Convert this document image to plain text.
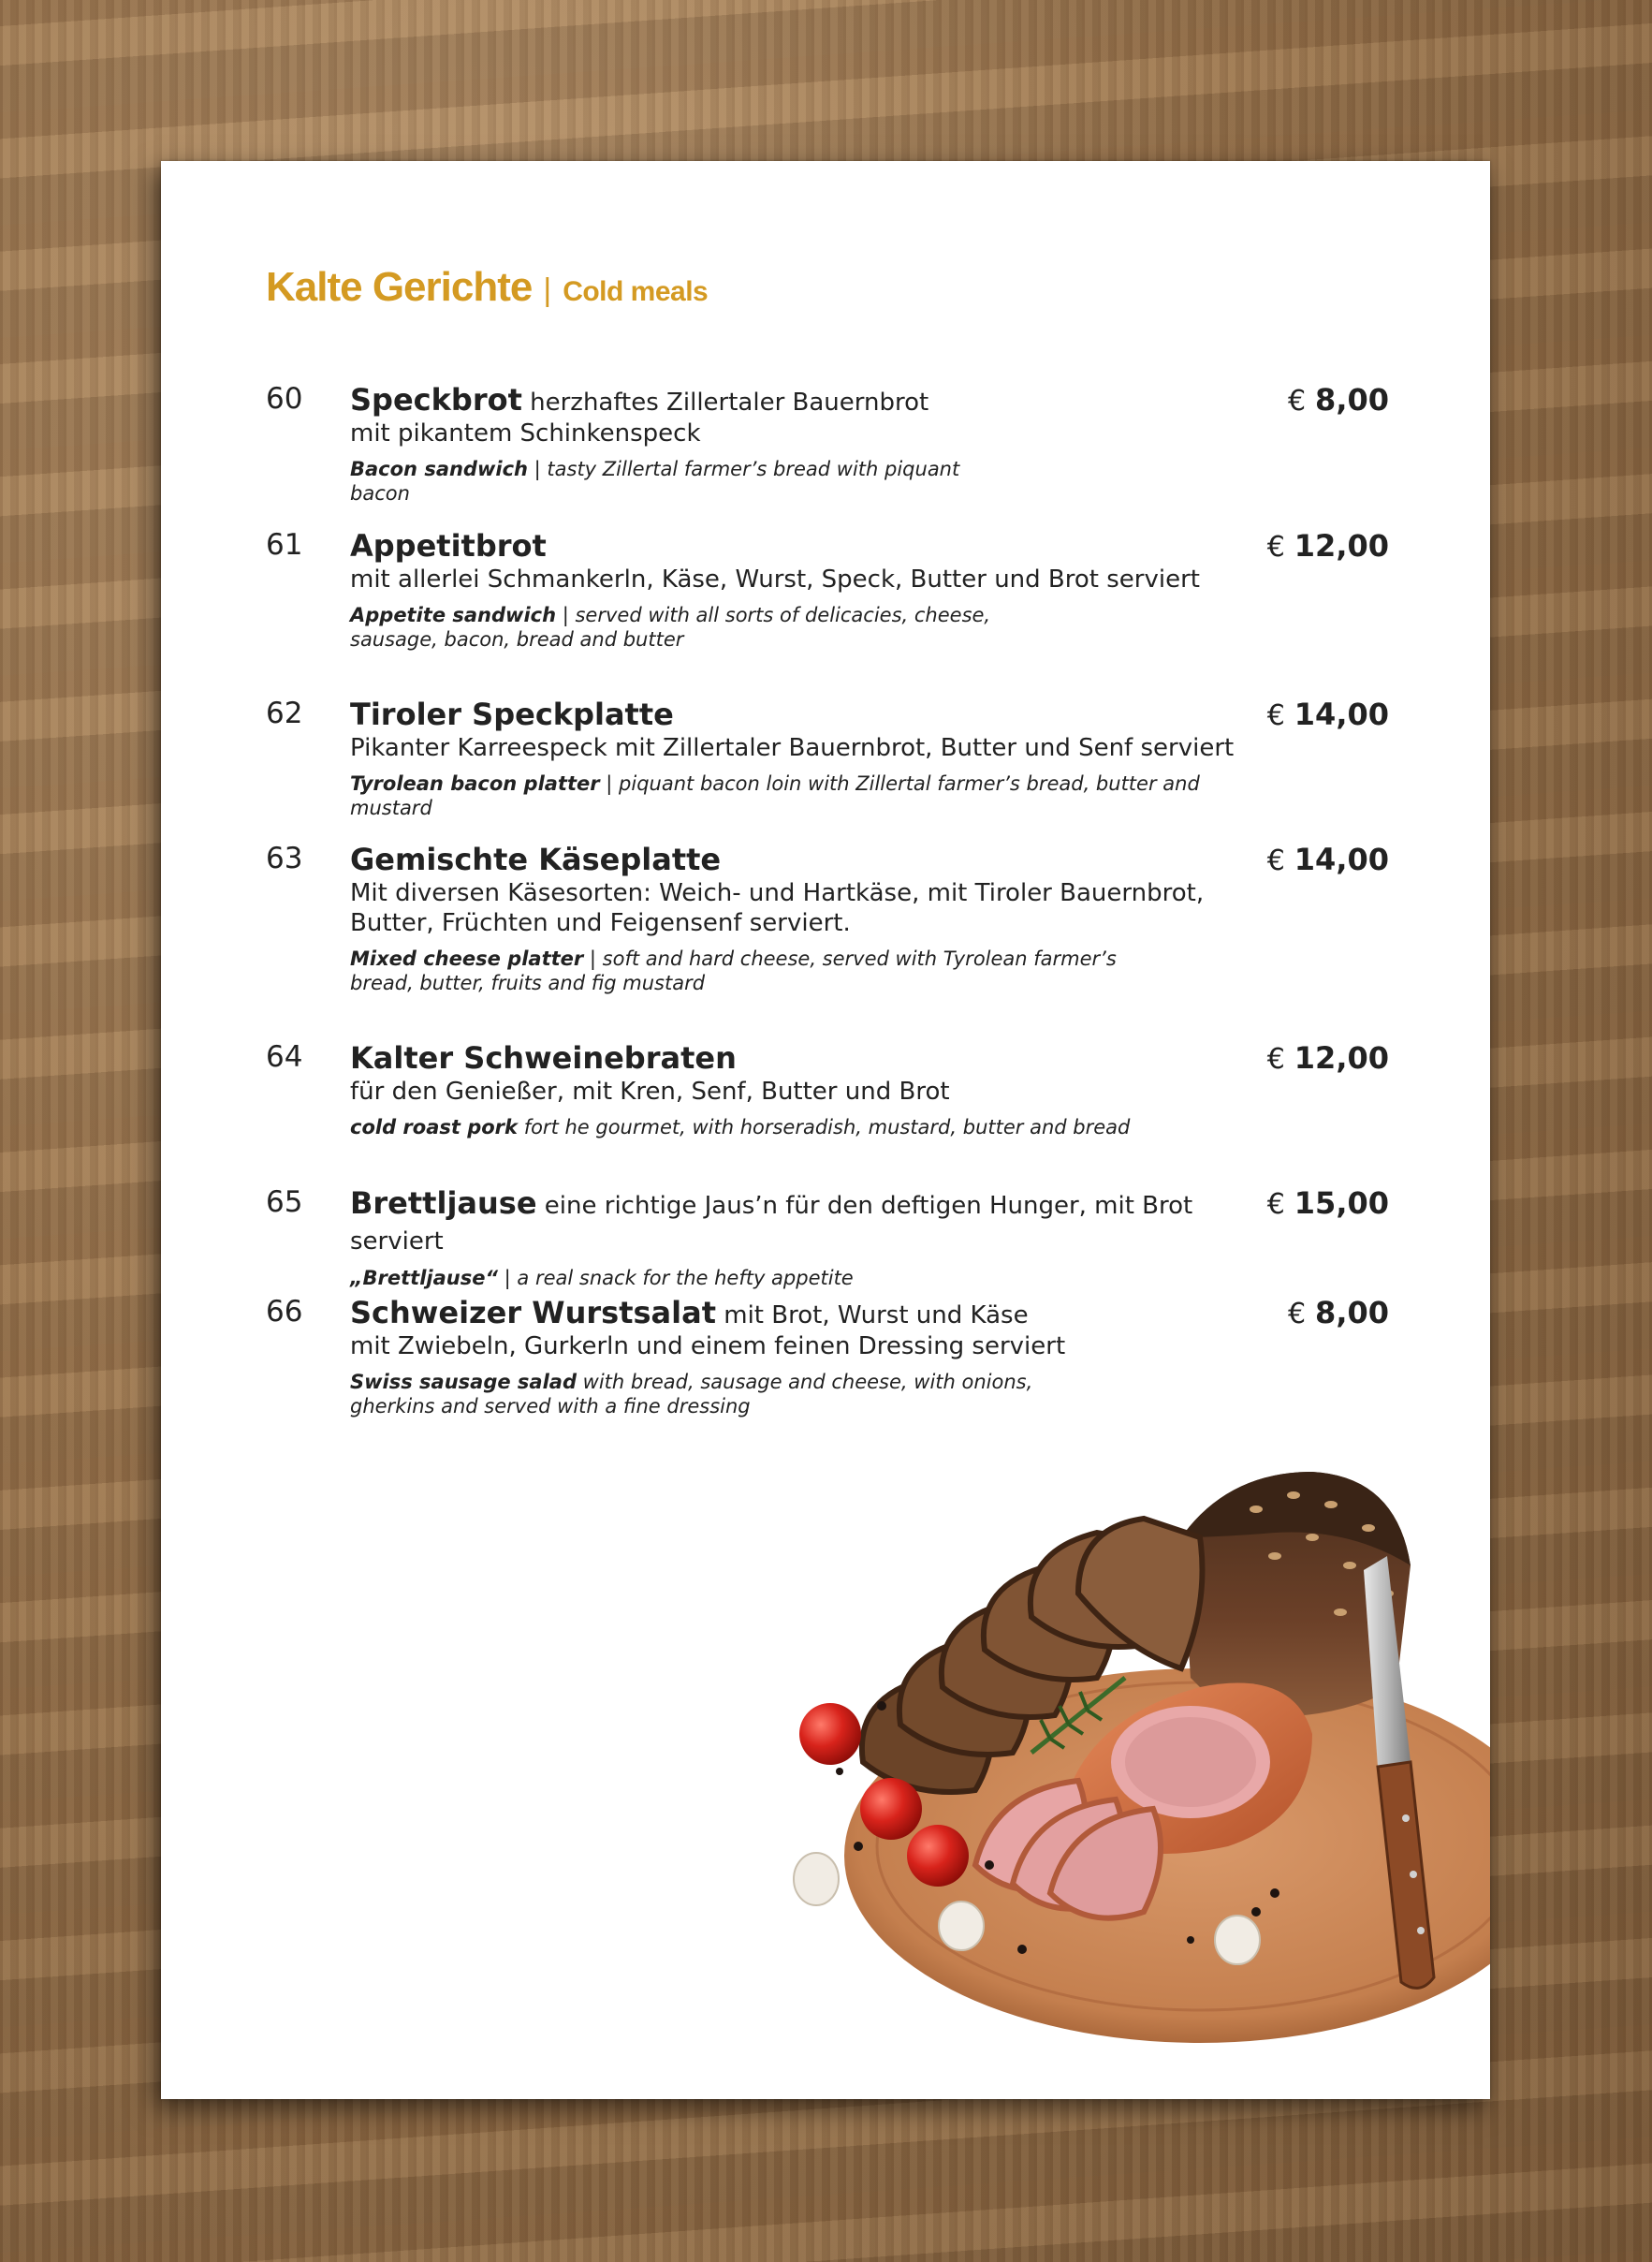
Kalte Gerichte | Cold meals
60 Speckbrot herzhaftes Zillertaler Bauernbrot
mit pikantem Schinkenspeck
Bacon sandwich | tasty Zillertal farmer’s bread with piquant bacon
€ 8,00
61 Appetitbrot
mit allerlei Schmankerln, Käse, Wurst, Speck, Butter und Brot serviert
Appetite sandwich | served with all sorts of delicacies, cheese, sausage, bacon, bread and butter
€ 12,00
62 Tiroler Speckplatte
Pikanter Karreespeck mit Zillertaler Bauernbrot, Butter und Senf serviert
Tyrolean bacon platter | piquant bacon loin with Zillertal farmer’s bread, butter and mustard
€ 14,00
63 Gemischte Käseplatte
Mit diversen Käsesorten: Weich- und Hartkäse, mit Tiroler Bauernbrot, Butter, Früchten und Feigensenf serviert.
Mixed cheese platter | soft and hard cheese, served with Tyrolean farmer’s bread, butter, fruits and fig mustard
€ 14,00
64 Kalter Schweinebraten
für den Genießer, mit Kren, Senf, Butter und Brot
cold roast pork fort he gourmet, with horseradish, mustard, butter and bread
€ 12,00
65 Brettljause eine richtige Jaus’n für den deftigen Hunger, mit Brot serviert
„Brettljause“ | a real snack for the hefty appetite
€ 15,00
66 Schweizer Wurstsalat mit Brot, Wurst und Käse
mit Zwiebeln, Gurkerln und einem feinen Dressing serviert
Swiss sausage salad with bread, sausage and cheese, with onions, gherkins and served with a fine dressing
€ 8,00
